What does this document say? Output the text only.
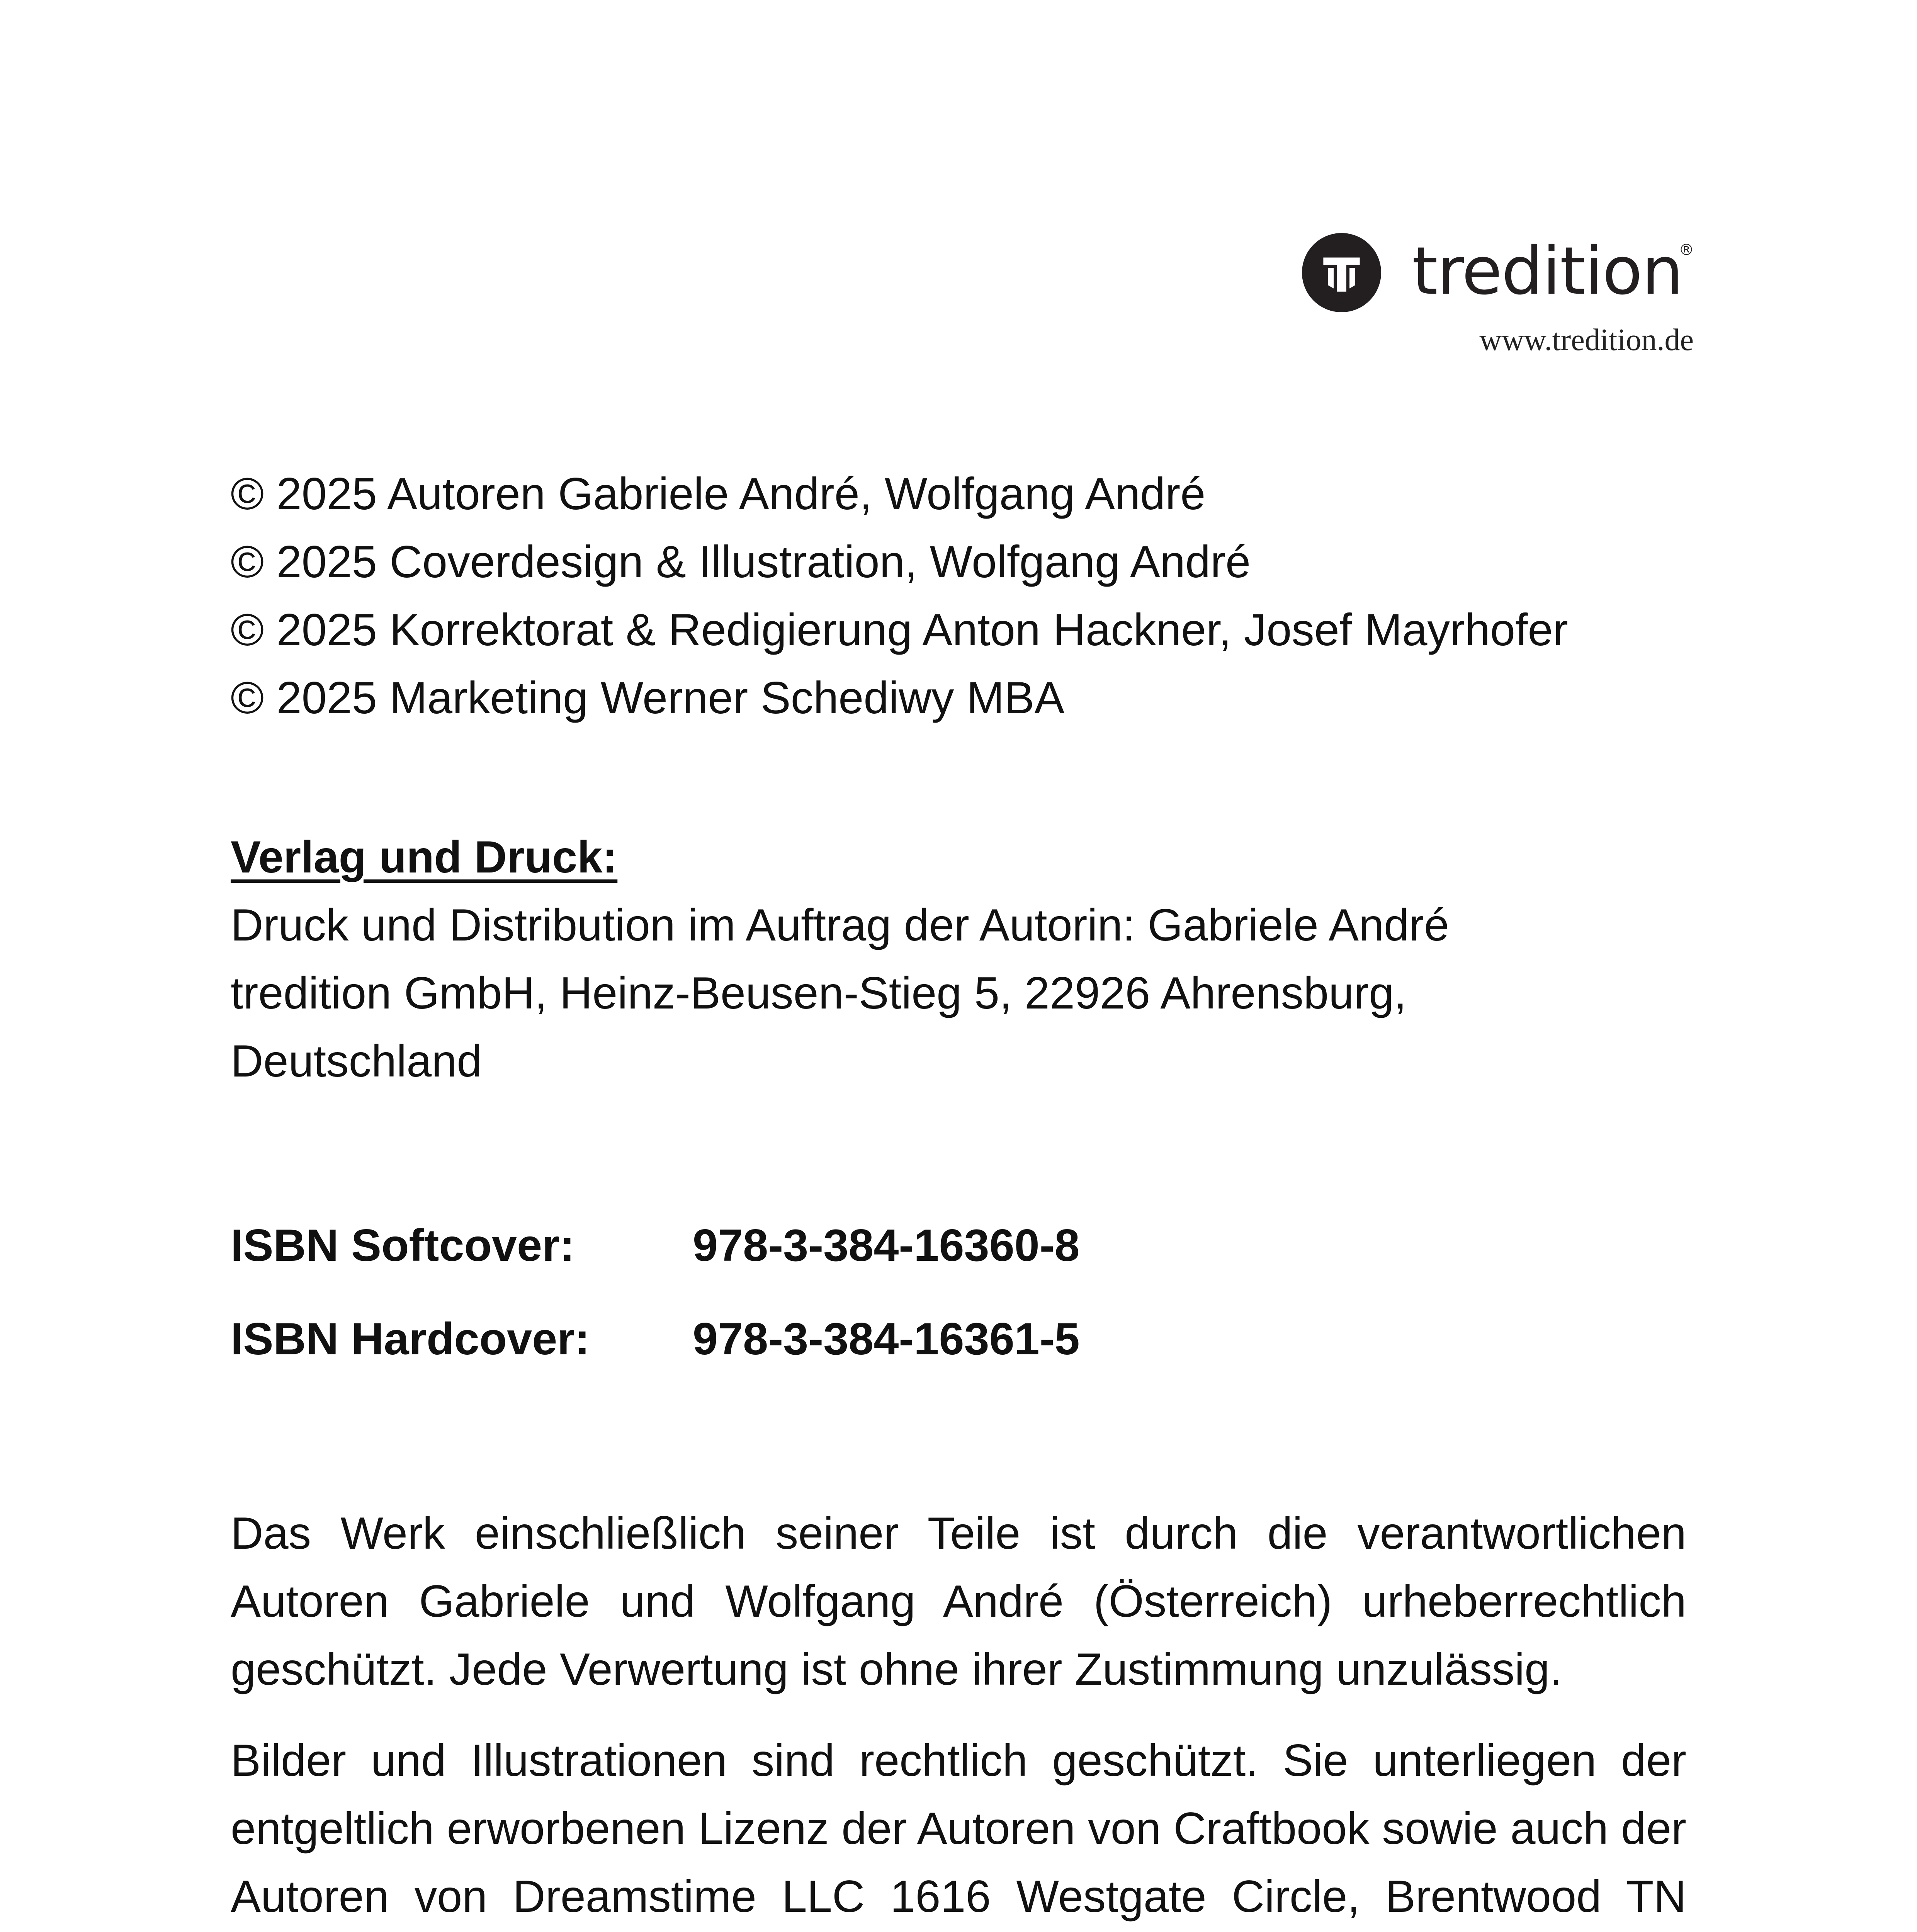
tredition
®
www.tredition.de
© 2025 Autoren Gabriele André, Wolfgang André
© 2025 Coverdesign & Illustration, Wolfgang André
© 2025 Korrektorat & Redigierung Anton Hackner, Josef Mayrhofer
© 2025 Marketing Werner Schediwy MBA
Verlag und Druck:
Druck und Distribution im Auftrag der Autorin: Gabriele André
tredition GmbH, Heinz-Beusen-Stieg 5, 22926 Ahrensburg,
Deutschland
ISBN Softcover:	978-3-384-16360-8
ISBN Hardcover:	978-3-384-16361-5

Das Werk einschließlich seiner Teile ist durch die verantwortlichen Autoren Gabriele und Wolfgang André (Österreich) urheberrechtlich geschützt. Jede Verwertung ist ohne ihrer Zustimmung unzulässig.

Bilder und Illustrationen sind rechtlich geschützt. Sie unterliegen der entgeltlich erworbenen Lizenz der Autoren von Craftbook sowie auch der Autoren von Dreamstime LLC 1616 Westgate Circle, Brentwood TN
